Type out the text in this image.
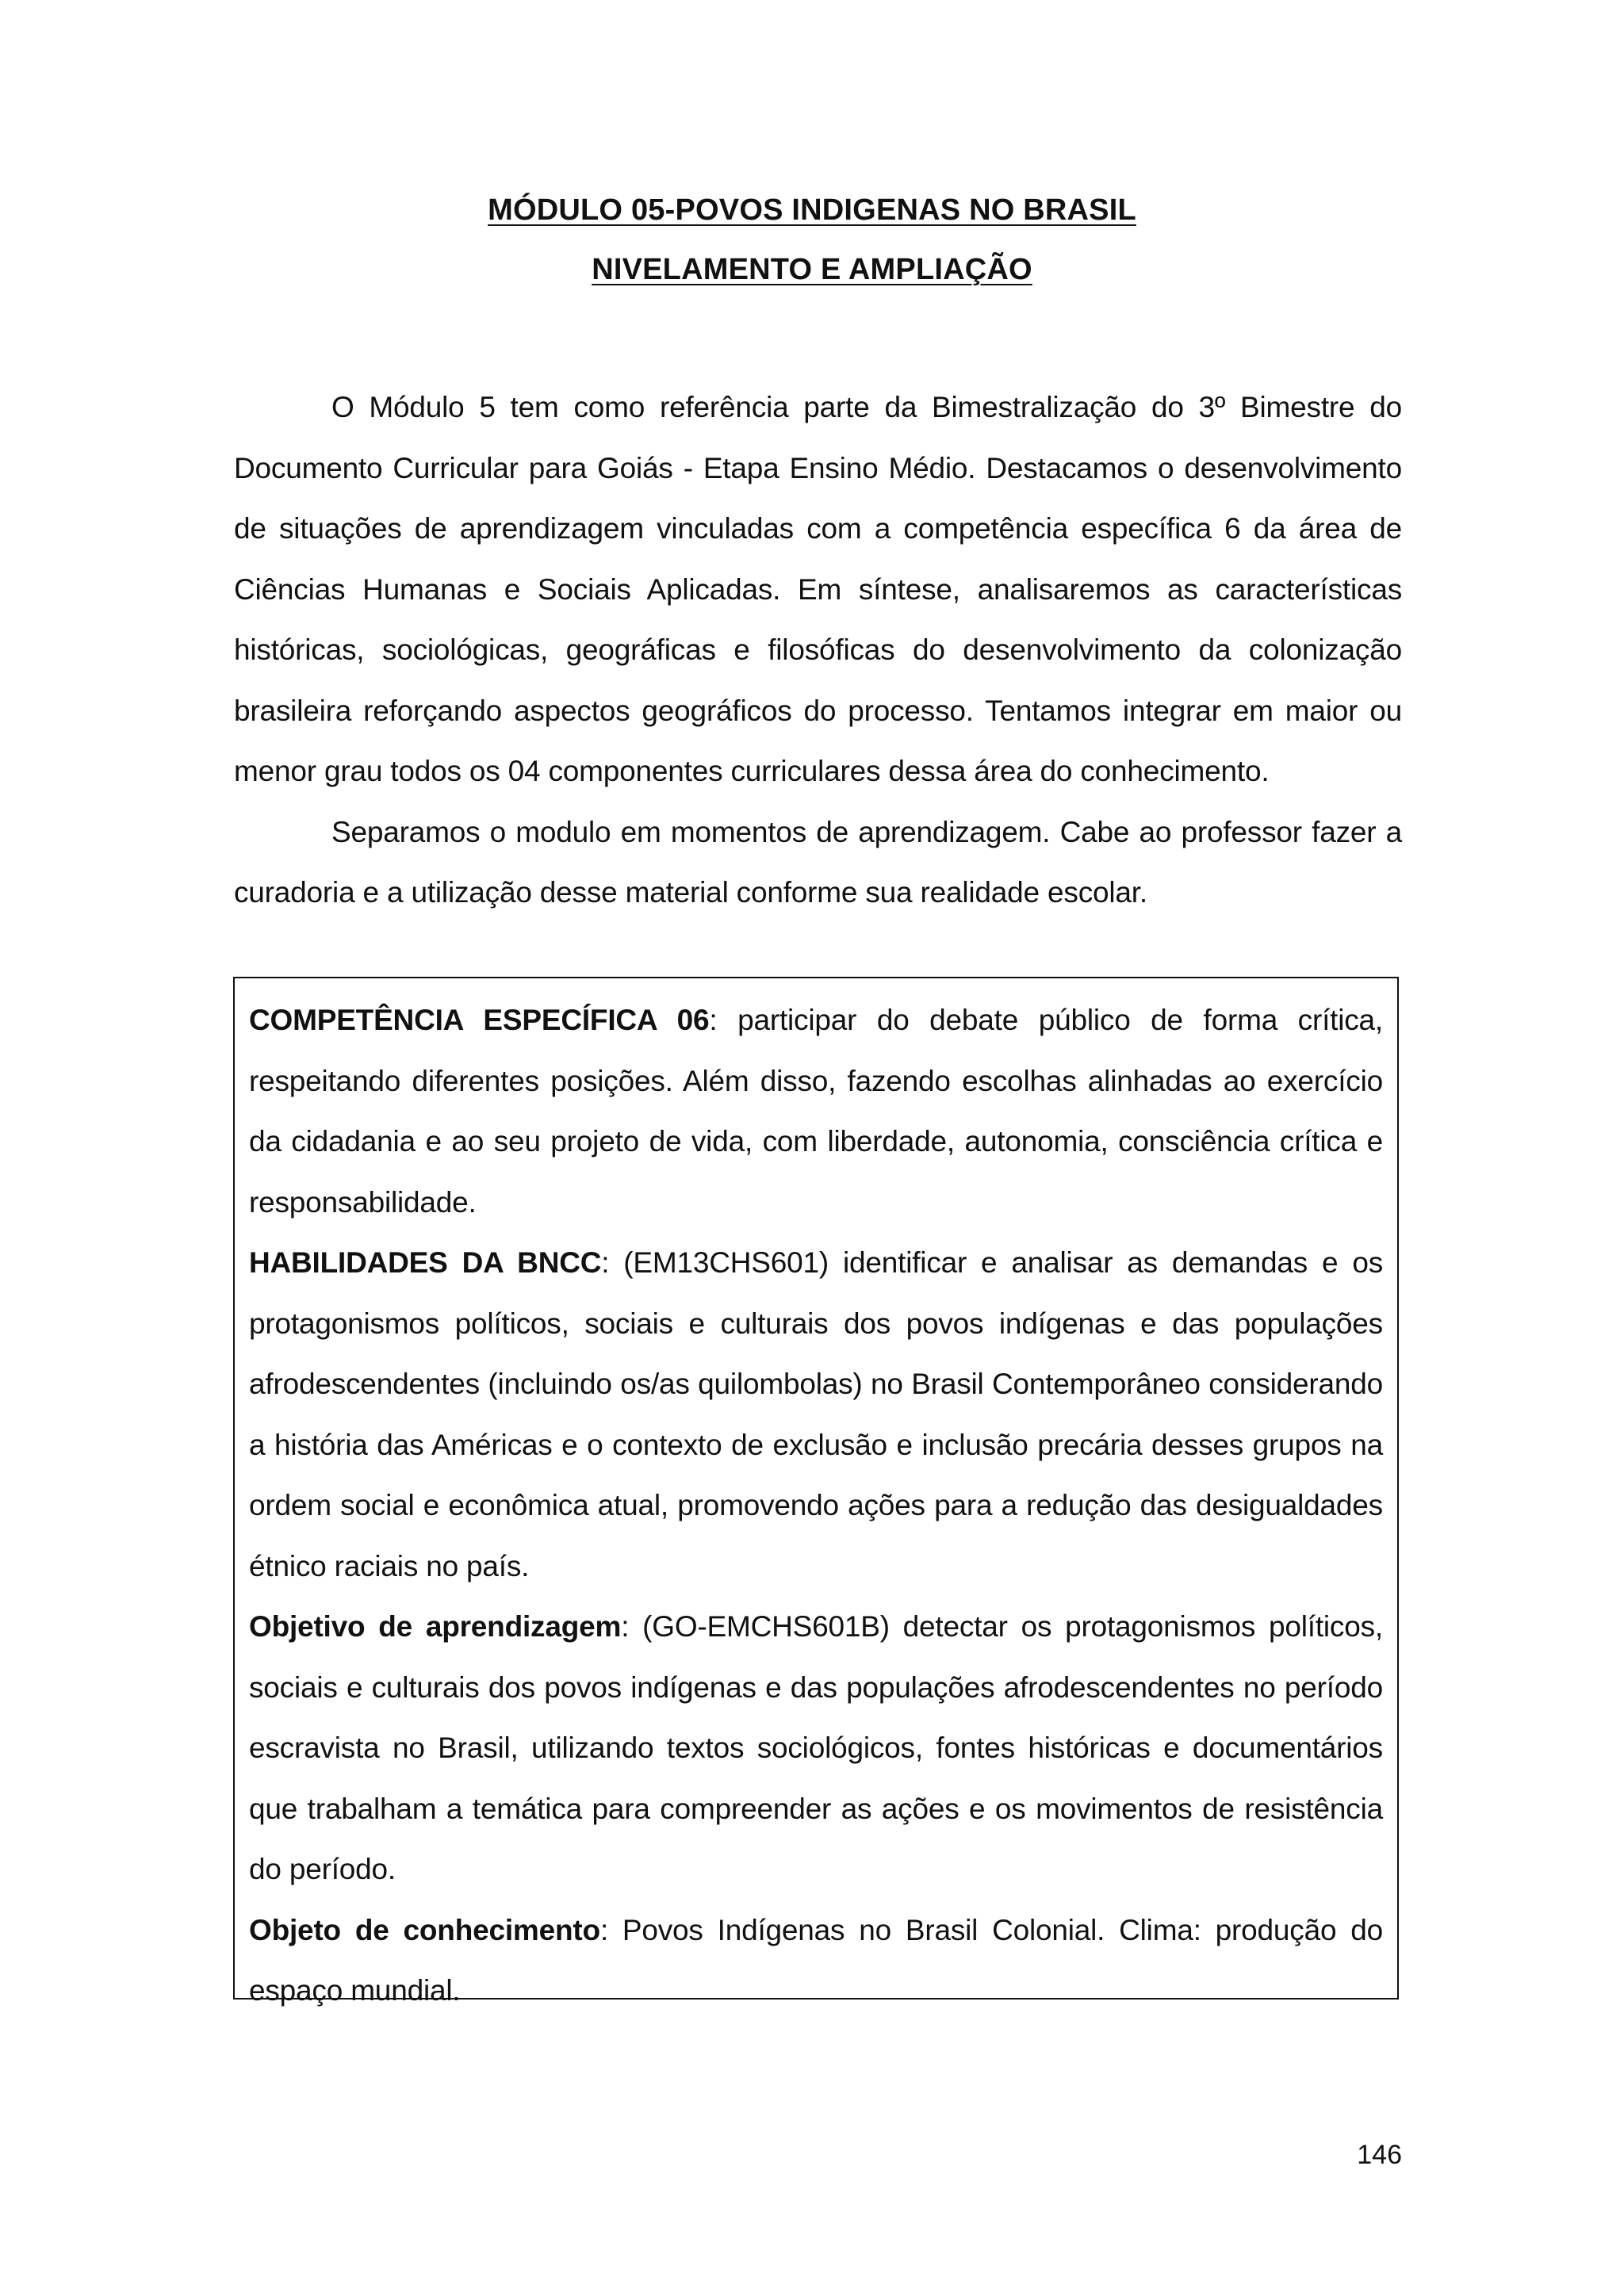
MÓDULO 05-POVOS INDIGENAS NO BRASIL
NIVELAMENTO E AMPLIAÇÃO

O Módulo 5 tem como referência parte da Bimestralização do 3º Bimestre do Documento Curricular para Goiás - Etapa Ensino Médio. Destacamos o desenvolvimento de situações de aprendizagem vinculadas com a competência específica 6 da área de Ciências Humanas e Sociais Aplicadas. Em síntese, analisaremos as características históricas, sociológicas, geográficas e filosóficas do desenvolvimento da colonização brasileira reforçando aspectos geográficos do processo. Tentamos integrar em maior ou menor grau todos os 04 componentes curriculares dessa área do conhecimento.

Separamos o modulo em momentos de aprendizagem. Cabe ao professor fazer a curadoria e a utilização desse material conforme sua realidade escolar.

COMPETÊNCIA ESPECÍFICA 06: participar do debate público de forma crítica, respeitando diferentes posições. Além disso, fazendo escolhas alinhadas ao exercício da cidadania e ao seu projeto de vida, com liberdade, autonomia, consciência crítica e responsabilidade.

HABILIDADES DA BNCC: (EM13CHS601) identificar e analisar as demandas e os protagonismos políticos, sociais e culturais dos povos indígenas e das populações afrodescendentes (incluindo os/as quilombolas) no Brasil Contemporâneo considerando a história das Américas e o contexto de exclusão e inclusão precária desses grupos na ordem social e econômica atual, promovendo ações para a redução das desigualdades étnico raciais no país.

Objetivo de aprendizagem: (GO-EMCHS601B) detectar os protagonismos políticos, sociais e culturais dos povos indígenas e das populações afrodescendentes no período escravista no Brasil, utilizando textos sociológicos, fontes históricas e documentários que trabalham a temática para compreender as ações e os movimentos de resistência do período.

Objeto de conhecimento: Povos Indígenas no Brasil Colonial. Clima: produção do espaço mundial.

146
